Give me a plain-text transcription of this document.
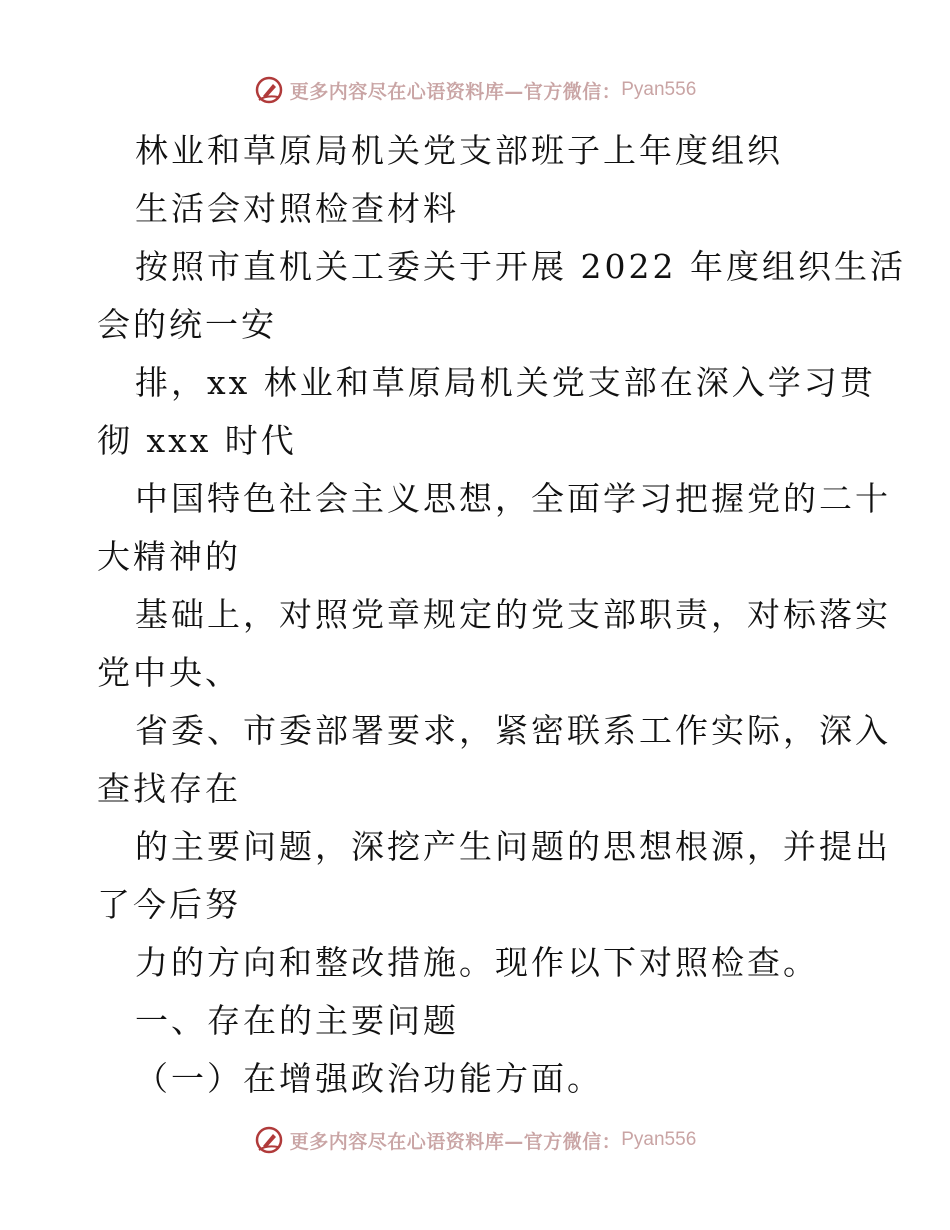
更多内容尽在心语资料库—官方微信： Pyan556
林业和草原局机关党支部班子上年度组织
生活会对照检查材料
按照市直机关工委关于开展 2022 年度组织生活
会的统一安
排，xx 林业和草原局机关党支部在深入学习贯
彻 xxx 时代
中国特色社会主义思想，全面学习把握党的二十
大精神的
基础上，对照党章规定的党支部职责，对标落实
党中央、
省委、市委部署要求，紧密联系工作实际，深入
查找存在
的主要问题，深挖产生问题的思想根源，并提出
了今后努
力的方向和整改措施。现作以下对照检查。
一、存在的主要问题
（一）在增强政治功能方面。
更多内容尽在心语资料库—官方微信： Pyan556
